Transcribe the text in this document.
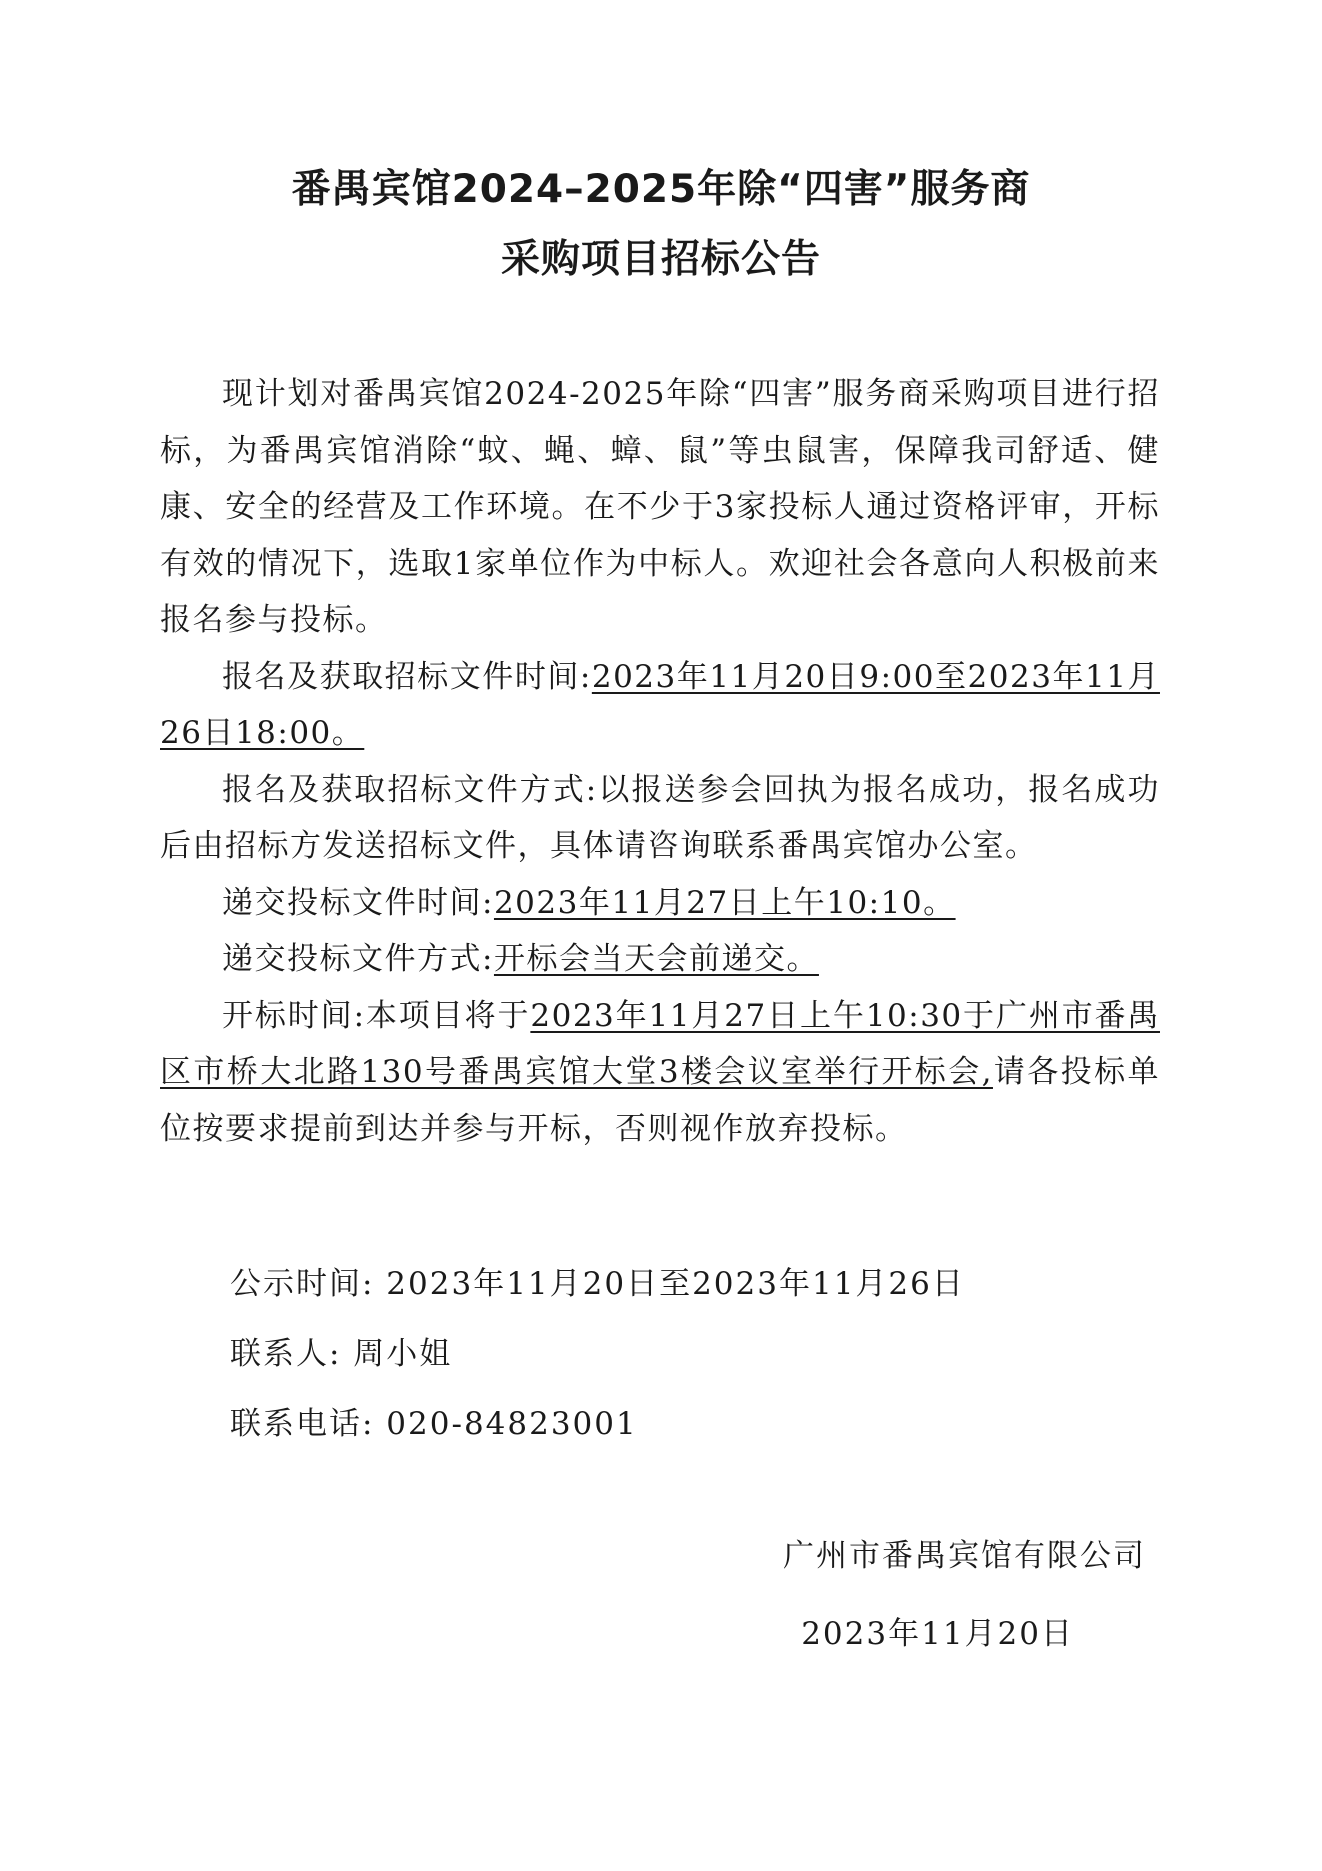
番禺宾馆2024–2025年除“四害”服务商
采购项目招标公告

现计划对番禺宾馆2024-2025年除“四害”服务商采购项目进行招标，为番禺宾馆消除“蚊、蝇、蟑、鼠”等虫鼠害，保障我司舒适、健康、安全的经营及工作环境。在不少于3家投标人通过资格评审，开标有效的情况下，选取1家单位作为中标人。欢迎社会各意向人积极前来报名参与投标。

报名及获取招标文件时间:2023年11月20日9:00至2023年11月26日18:00。

报名及获取招标文件方式:以报送参会回执为报名成功，报名成功后由招标方发送招标文件，具体请咨询联系番禺宾馆办公室。

递交投标文件时间:2023年11月27日上午10:10。

递交投标文件方式:开标会当天会前递交。

开标时间:本项目将于2023年11月27日上午10:30于广州市番禺区市桥大北路130号番禺宾馆大堂3楼会议室举行开标会,请各投标单位按要求提前到达并参与开标，否则视作放弃投标。

公示时间: 2023年11月20日至2023年11月26日
联系人: 周小姐
联系电话: 020-84823001
广州市番禺宾馆有限公司
2023年11月20日
